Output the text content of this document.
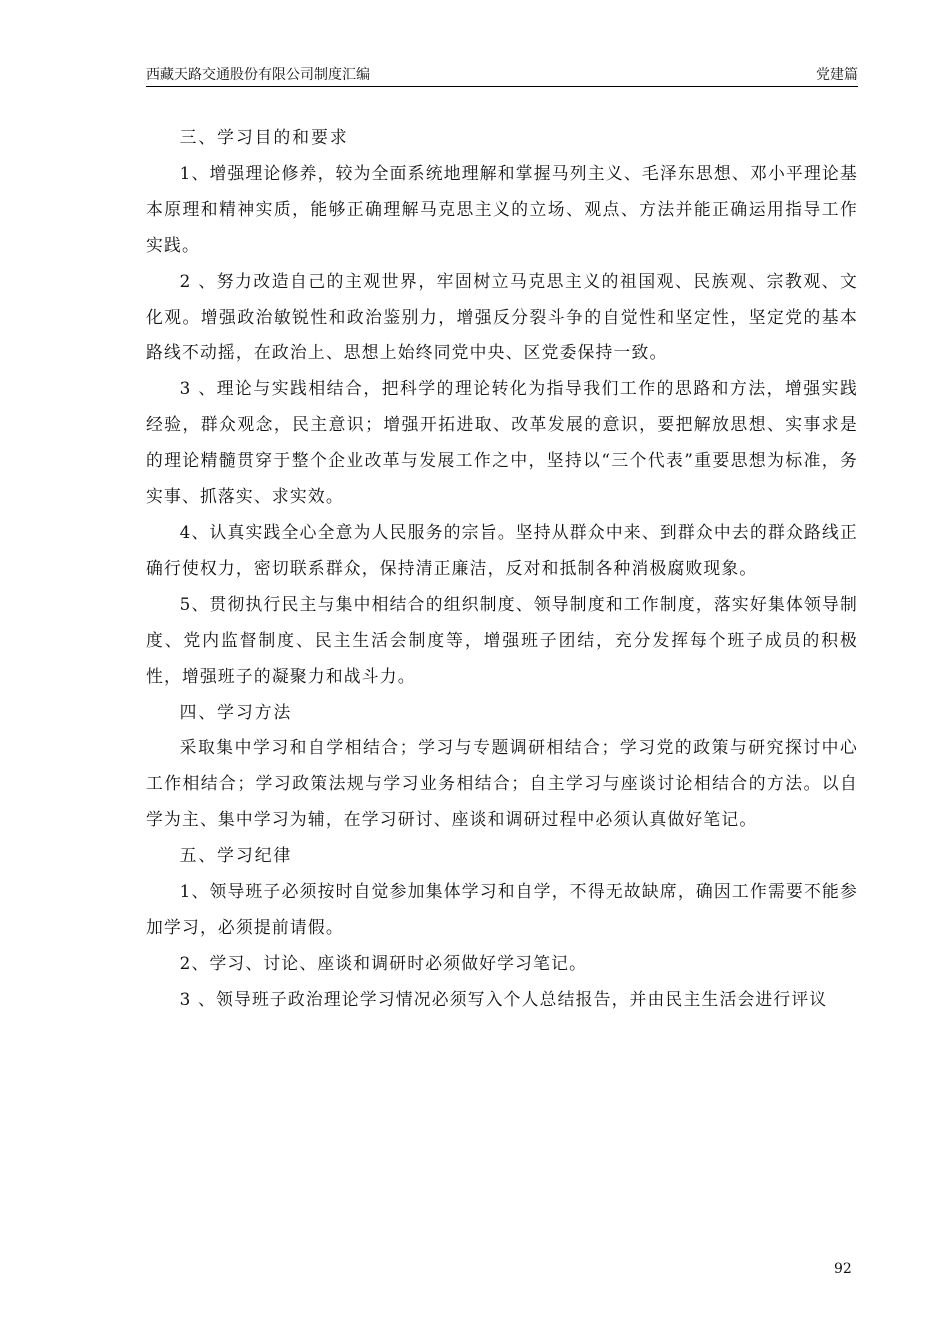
西藏天路交通股份有限公司制度汇编	党建篇

三、学习目的和要求

1、增强理论修养，较为全面系统地理解和掌握马列主义、毛泽东思想、邓小平理论基本原理和精神实质，能够正确理解马克思主义的立场、观点、方法并能正确运用指导工作实践。

2 、努力改造自己的主观世界，牢固树立马克思主义的祖国观、民族观、宗教观、文化观。增强政治敏锐性和政治鉴别力，增强反分裂斗争的自觉性和坚定性，坚定党的基本路线不动摇，在政治上、思想上始终同党中央、区党委保持一致。

3 、理论与实践相结合，把科学的理论转化为指导我们工作的思路和方法，增强实践经验，群众观念，民主意识；增强开拓进取、改革发展的意识，要把解放思想、实事求是的理论精髓贯穿于整个企业改革与发展工作之中，坚持以“三个代表”重要思想为标准，务实事、抓落实、求实效。

4、认真实践全心全意为人民服务的宗旨。坚持从群众中来、到群众中去的群众路线正确行使权力，密切联系群众，保持清正廉洁，反对和抵制各种消极腐败现象。

5、贯彻执行民主与集中相结合的组织制度、领导制度和工作制度，落实好集体领导制度、党内监督制度、民主生活会制度等，增强班子团结，充分发挥每个班子成员的积极性，增强班子的凝聚力和战斗力。

四、学习方法

采取集中学习和自学相结合；学习与专题调研相结合；学习党的政策与研究探讨中心工作相结合；学习政策法规与学习业务相结合；自主学习与座谈讨论相结合的方法。以自学为主、集中学习为辅，在学习研讨、座谈和调研过程中必须认真做好笔记。

五、学习纪律

1、领导班子必须按时自觉参加集体学习和自学，不得无故缺席，确因工作需要不能参加学习，必须提前请假。

2、学习、讨论、座谈和调研时必须做好学习笔记。

3 、领导班子政治理论学习情况必须写入个人总结报告，并由民主生活会进行评议

92
